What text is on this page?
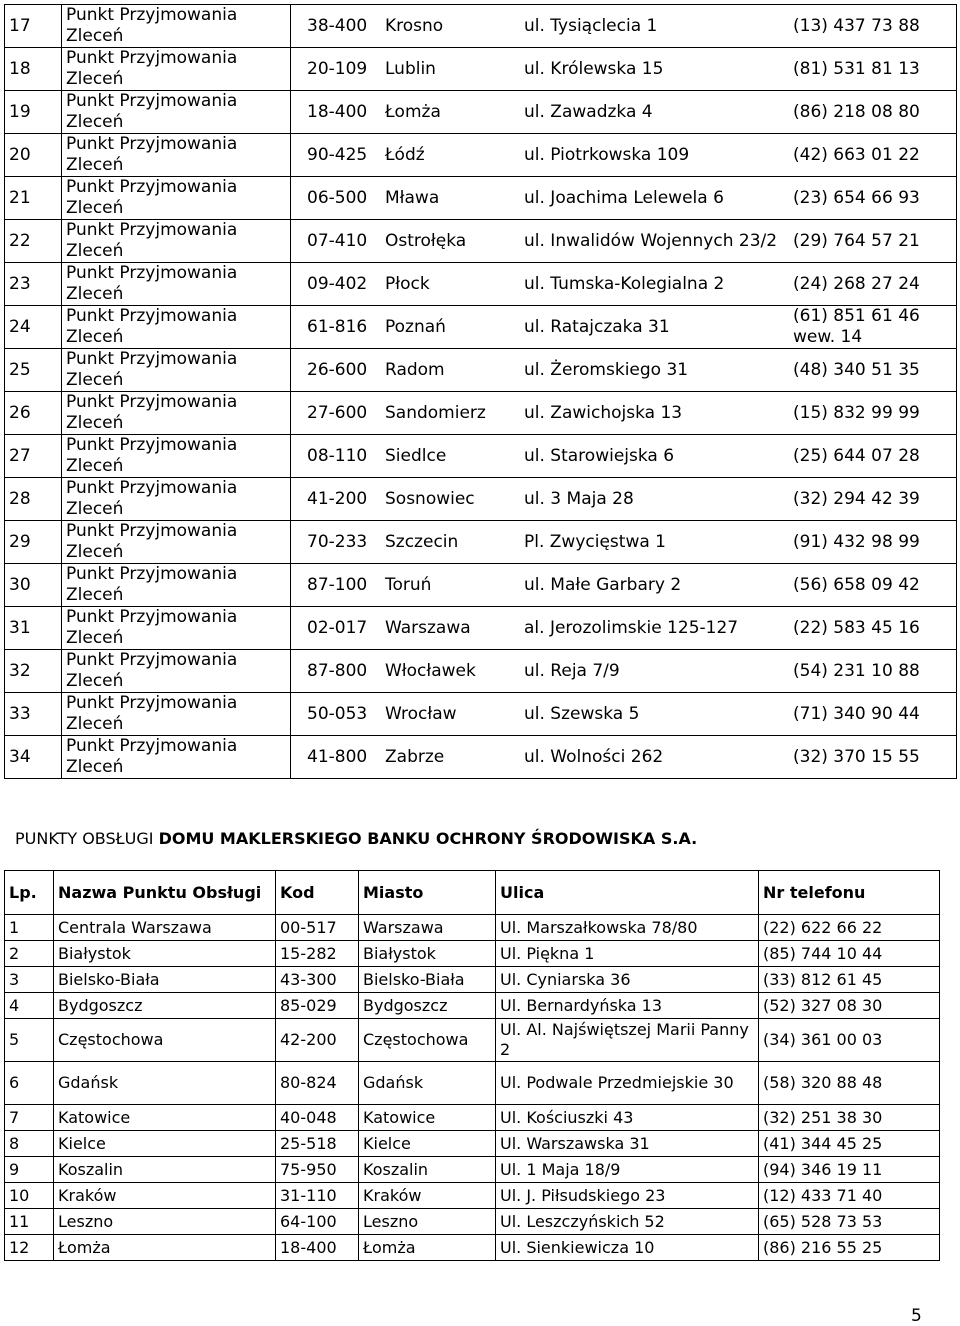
17	Punkt Przyjmowania Zleceń	38-400 Krosno ul. Tysiąclecia 1 (13) 437 73 88

18	Punkt Przyjmowania Zleceń	20-109 Lublin ul. Królewska 15 (81) 531 81 13

19	Punkt Przyjmowania Zleceń	18-400 Łomża ul. Zawadzka 4 (86) 218 08 80

20	Punkt Przyjmowania Zleceń	90-425 Łódź ul. Piotrkowska 109 (42) 663 01 22

21	Punkt Przyjmowania Zleceń	06-500 Mława ul. Joachima Lelewela 6 (23) 654 66 93

22	Punkt Przyjmowania Zleceń	07-410 Ostrołęka ul. Inwalidów Wojennych 23/2 (29) 764 57 21

23	Punkt Przyjmowania Zleceń	09-402 Płock ul. Tumska-Kolegialna 2 (24) 268 27 24

24	Punkt Przyjmowania Zleceń	61-816 Poznań ul. Ratajczaka 31
(61) 851 61 46 wew. 14

25	Punkt Przyjmowania Zleceń	26-600 Radom ul. Żeromskiego 31 (48) 340 51 35

26	Punkt Przyjmowania Zleceń	27-600 Sandomierz ul. Zawichojska 13 (15) 832 99 99

27	Punkt Przyjmowania Zleceń	08-110 Siedlce ul. Starowiejska 6 (25) 644 07 28

28	Punkt Przyjmowania Zleceń	41-200 Sosnowiec ul. 3 Maja 28 (32) 294 42 39

29	Punkt Przyjmowania Zleceń	70-233 Szczecin Pl. Zwycięstwa 1 (91) 432 98 99

30	Punkt Przyjmowania Zleceń	87-100 Toruń ul. Małe Garbary 2 (56) 658 09 42

31	Punkt Przyjmowania Zleceń	02-017 Warszawa al. Jerozolimskie 125-127 (22) 583 45 16

32	Punkt Przyjmowania Zleceń	87-800 Włocławek ul. Reja 7/9 (54) 231 10 88

33	Punkt Przyjmowania Zleceń	50-053 Wrocław ul. Szewska 5 (71) 340 90 44

34	Punkt Przyjmowania Zleceń	41-800 Zabrze ul. Wolności 262 (32) 370 15 55
PUNKTY OBSŁUGI DOMU MAKLERSKIEGO BANKU OCHRONY ŚRODOWISKA S.A.
Lp.	Nazwa Punktu Obsługi	Kod	Miasto	Ulica	Nr telefonu
1	Centrala Warszawa	00-517	Warszawa	Ul. Marszałkowska 78/80	(22) 622 66 22
2	Białystok	15-282	Białystok	Ul. Piękna 1	(85) 744 10 44
3	Bielsko-Biała	43-300	Bielsko-Biała	Ul. Cyniarska 36	(33) 812 61 45
4	Bydgoszcz	85-029	Bydgoszcz	Ul. Bernardyńska 13	(52) 327 08 30
5	Częstochowa	42-200	Częstochowa	Ul. Al. Najświętszej Marii Panny 2	(34) 361 00 03
6	Gdańsk	80-824	Gdańsk	Ul. Podwale Przedmiejskie 30	(58) 320 88 48
7	Katowice	40-048	Katowice	Ul. Kościuszki 43	(32) 251 38 30
8	Kielce	25-518	Kielce	Ul. Warszawska 31	(41) 344 45 25
9	Koszalin	75-950	Koszalin	Ul. 1 Maja 18/9	(94) 346 19 11
10	Kraków	31-110	Kraków	Ul. J. Piłsudskiego 23	(12) 433 71 40
11	Leszno	64-100	Leszno	Ul. Leszczyńskich 52	(65) 528 73 53
12	Łomża	18-400	Łomża	Ul. Sienkiewicza 10	(86) 216 55 25
5
